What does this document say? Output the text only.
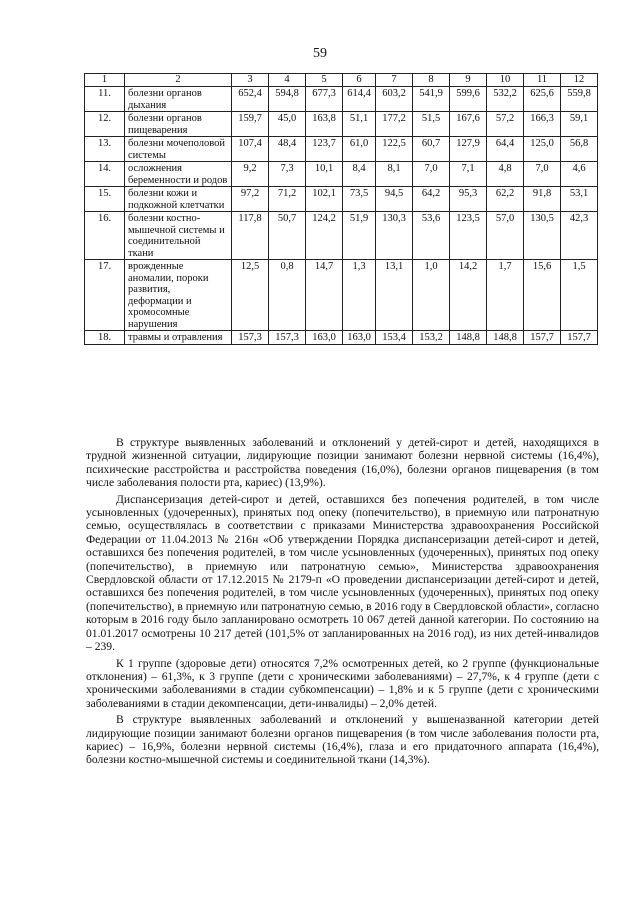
59
1	2	3	4	5	6	7	8	9	10	11	12
11.	болезни органов дыхания	652,4	594,8	677,3	614,4	603,2	541,9	599,6	532,2	625,6	559,8
12.	болезни органов пищеварения	159,7	45,0	163,8	51,1	177,2	51,5	167,6	57,2	166,3	59,1
13.	болезни мочеполовой системы	107,4	48,4	123,7	61,0	122,5	60,7	127,9	64,4	125,0	56,8
14.	осложнения беременности и родов	9,2	7,3	10,1	8,4	8,1	7,0	7,1	4,8	7,0	4,6
15.	болезни кожи и подкожной клетчатки	97,2	71,2	102,1	73,5	94,5	64,2	95,3	62,2	91,8	53,1
16.	болезни костно-мышечной системы и соединительной ткани	117,8	50,7	124,2	51,9	130,3	53,6	123,5	57,0	130,5	42,3
17.	врожденные аномалии, пороки развития, деформации и хромосомные нарушения	12,5	0,8	14,7	1,3	13,1	1,0	14,2	1,7	15,6	1,5
18.	травмы и отравления	157,3	157,3	163,0	163,0	153,4	153,2	148,8	148,8	157,7	157,7

В структуре выявленных заболеваний и отклонений у детей-сирот и детей, находящихся в трудной жизненной ситуации, лидирующие позиции занимают болезни нервной системы (16,4%), психические расстройства и расстройства поведения (16,0%), болезни органов пищеварения (в том числе заболевания полости рта, кариес) (13,9%).

Диспансеризация детей-сирот и детей, оставшихся без попечения родителей, в том числе усыновленных (удочеренных), принятых под опеку (попечительство), в приемную или патронатную семью, осуществлялась в соответствии с приказами Министерства здравоохранения Российской Федерации от 11.04.2013 № 216н «Об утверждении Порядка диспансеризации детей-сирот и детей, оставшихся без попечения родителей, в том числе усыновленных (удочеренных), принятых под опеку (попечительство), в приемную или патронатную семью», Министерства здравоохранения Свердловской области от 17.12.2015 № 2179-п «О проведении диспансеризации детей-сирот и детей, оставшихся без попечения родителей, в том числе усыновленных (удочеренных), принятых под опеку (попечительство), в приемную или патронатную семью, в 2016 году в Свердловской области», согласно которым в 2016 году было запланировано осмотреть 10 067 детей данной категории. По состоянию на 01.01.2017 осмотрены 10 217 детей (101,5% от запланированных на 2016 год), из них детей-инвалидов – 239.

К 1 группе (здоровые дети) относятся 7,2% осмотренных детей, ко 2 группе (функциональные отклонения) – 61,3%, к 3 группе (дети с хроническими заболеваниями) – 27,7%, к 4 группе (дети с хроническими заболеваниями в стадии субкомпенсации) – 1,8% и к 5 группе (дети с хроническими заболеваниями в стадии декомпенсации, дети-инвалиды) – 2,0% детей.

В структуре выявленных заболеваний и отклонений у вышеназванной категории детей лидирующие позиции занимают болезни органов пищеварения (в том числе заболевания полости рта, кариес) – 16,9%, болезни нервной системы (16,4%), глаза и его придаточного аппарата (16,4%), болезни костно-мышечной системы и соединительной ткани (14,3%).
